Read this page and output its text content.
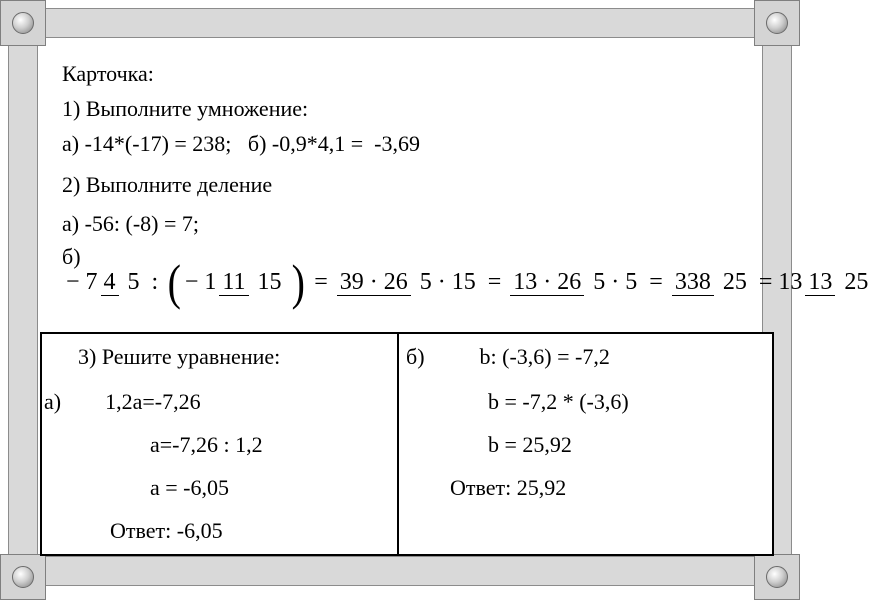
Карточка:
1) Выполните умножение:
а) -14*(-17) = 238;   б) -0,9*4,1 =  -3,69
2) Выполните деление
а) -56: (-8) = 7;
б)
− 7 4 5 : ( − 1 11 15 ) = 39 · 26 5 · 15 = 13 · 26 5 · 5 = 338 25 = 13 13 25
3) Решите уравнение:
а)        1,2a=-7,26
a=-7,26 : 1,2
a = -6,05
Ответ: -6,05
б)          b: (-3,6) = -7,2
b = -7,2 * (-3,6)
b = 25,92
Ответ: 25,92
